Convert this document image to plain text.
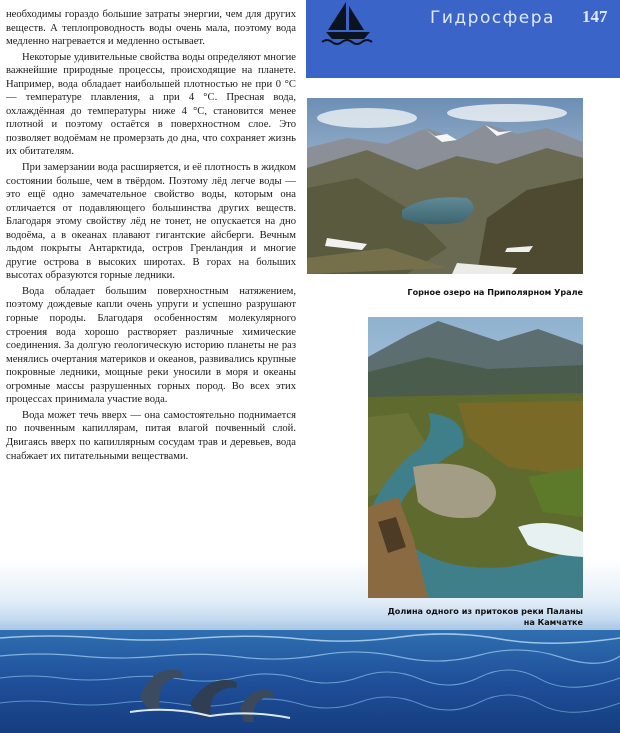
Гидросфера 147

необходимы гораздо большие затраты энергии, чем для других веществ. А теплопроводность воды очень мала, поэтому вода медленно нагревается и медленно остывает.

Некоторые удивительные свойства воды определяют многие важнейшие природные процессы, происходящие на планете. Например, вода обладает наибольшей плотностью не при 0 °С — температуре плавления, а при 4 °С. Пресная вода, охлаждённая до температуры ниже 4 °С, становится менее плотной и поэтому остаётся в поверхностном слое. Это позволяет водоёмам не промерзать до дна, что сохраняет жизнь их обитателям.

При замерзании вода расширяется, и её плотность в жидком состоянии больше, чем в твёрдом. Поэтому лёд легче воды — это ещё одно замечательное свойство воды, которым она отличается от подавляющего большинства других веществ. Благодаря этому свойству лёд не тонет, не опускается на дно водоёма, а в океанах плавают гигантские айсберги. Вечным льдом покрыты Антарктида, остров Гренландия и многие другие острова в высоких широтах. В горах на больших высотах образуются горные ледники.

Вода обладает большим поверхностным натяжением, поэтому дождевые капли очень упруги и успешно разрушают горные породы. Благодаря особенностям молекулярного строения вода хорошо растворяет различные химические соединения. За долгую геологическую историю планеты не раз менялись очертания материков и океанов, развивались крупные покровные ледники, мощные реки уносили в моря и океаны огромные массы разрушенных горных пород. Во всех этих процессах принимала участие вода.

Вода может течь вверх — она самостоятельно поднимается по почвенным капиллярам, питая влагой почвенный слой. Двигаясь вверх по капиллярным сосудам трав и деревьев, вода снабжает их питательными веществами.

Горное озеро на Приполярном Урале
Долина одного из притоков реки Паланы
на Камчатке
